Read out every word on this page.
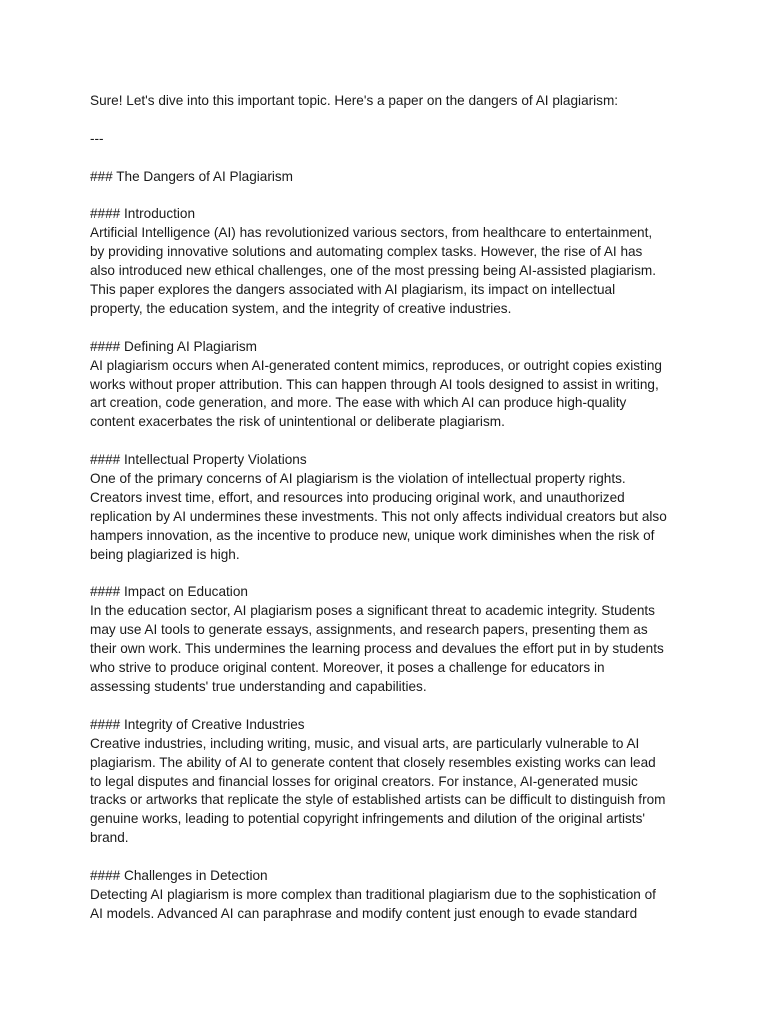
Sure! Let's dive into this important topic. Here's a paper on the dangers of AI plagiarism:

---

### The Dangers of AI Plagiarism

#### Introduction

Artificial Intelligence (AI) has revolutionized various sectors, from healthcare to entertainment,
by providing innovative solutions and automating complex tasks. However, the rise of AI has
also introduced new ethical challenges, one of the most pressing being AI-assisted plagiarism.
This paper explores the dangers associated with AI plagiarism, its impact on intellectual
property, the education system, and the integrity of creative industries.

#### Defining AI Plagiarism

AI plagiarism occurs when AI-generated content mimics, reproduces, or outright copies existing
works without proper attribution. This can happen through AI tools designed to assist in writing,
art creation, code generation, and more. The ease with which AI can produce high-quality
content exacerbates the risk of unintentional or deliberate plagiarism.

#### Intellectual Property Violations

One of the primary concerns of AI plagiarism is the violation of intellectual property rights.
Creators invest time, effort, and resources into producing original work, and unauthorized
replication by AI undermines these investments. This not only affects individual creators but also
hampers innovation, as the incentive to produce new, unique work diminishes when the risk of
being plagiarized is high.

#### Impact on Education

In the education sector, AI plagiarism poses a significant threat to academic integrity. Students
may use AI tools to generate essays, assignments, and research papers, presenting them as
their own work. This undermines the learning process and devalues the effort put in by students
who strive to produce original content. Moreover, it poses a challenge for educators in
assessing students' true understanding and capabilities.

#### Integrity of Creative Industries

Creative industries, including writing, music, and visual arts, are particularly vulnerable to AI
plagiarism. The ability of AI to generate content that closely resembles existing works can lead
to legal disputes and financial losses for original creators. For instance, AI-generated music
tracks or artworks that replicate the style of established artists can be difficult to distinguish from
genuine works, leading to potential copyright infringements and dilution of the original artists'
brand.

#### Challenges in Detection

Detecting AI plagiarism is more complex than traditional plagiarism due to the sophistication of
AI models. Advanced AI can paraphrase and modify content just enough to evade standard
